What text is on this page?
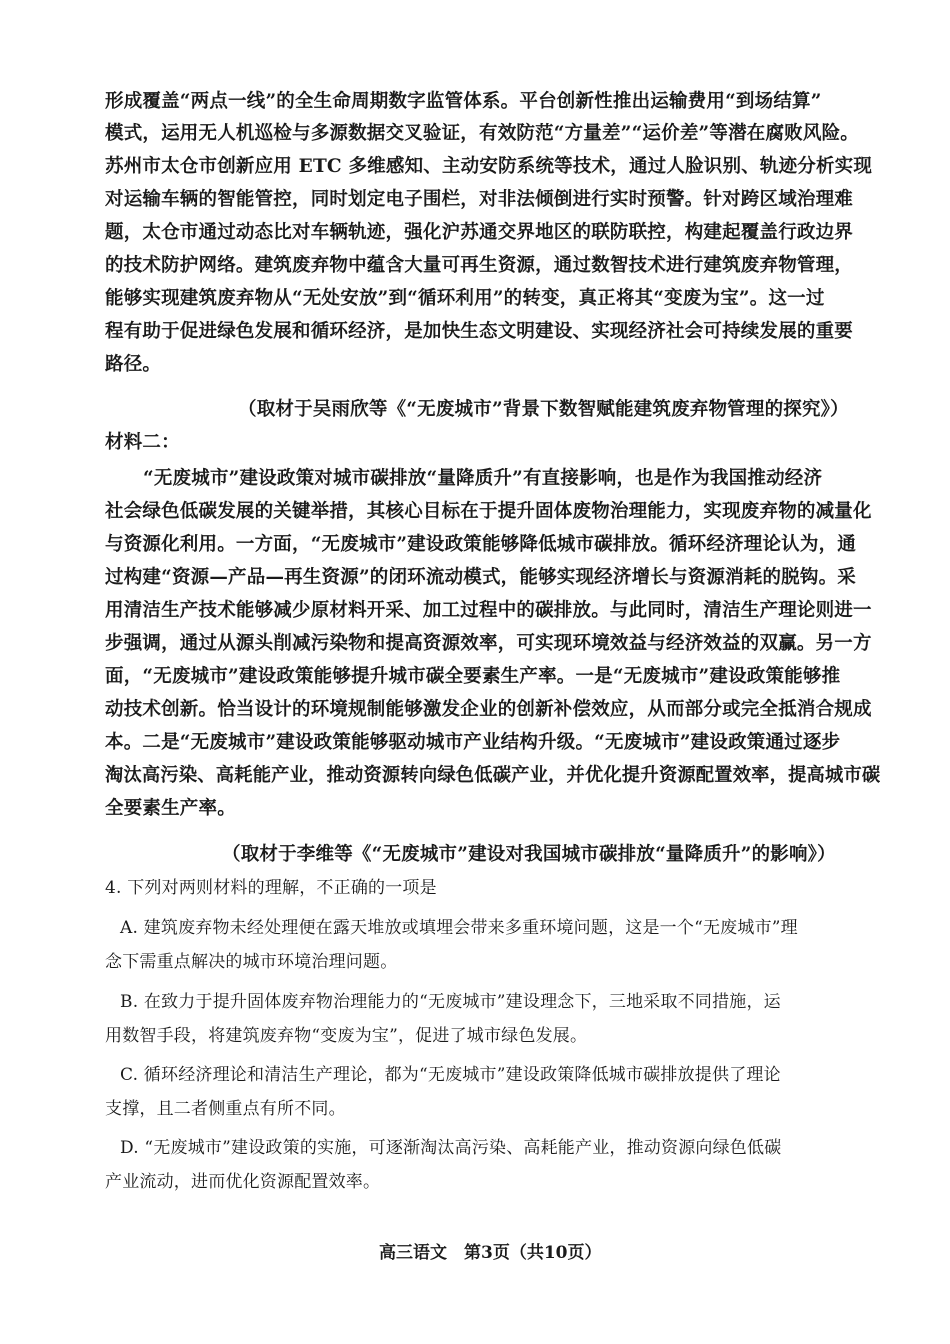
形成覆盖“两点一线”的全生命周期数字监管体系。平台创新性推出运输费用“到场结算”
模式，运用无人机巡检与多源数据交叉验证，有效防范“方量差”“运价差”等潜在腐败风险。
苏州市太仓市创新应用 ETC 多维感知、主动安防系统等技术，通过人脸识别、轨迹分析实现
对运输车辆的智能管控，同时划定电子围栏，对非法倾倒进行实时预警。针对跨区域治理难
题，太仓市通过动态比对车辆轨迹，强化沪苏通交界地区的联防联控，构建起覆盖行政边界
的技术防护网络。建筑废弃物中蕴含大量可再生资源，通过数智技术进行建筑废弃物管理，
能够实现建筑废弃物从“无处安放”到“循环利用”的转变，真正将其“变废为宝”。这一过
程有助于促进绿色发展和循环经济，是加快生态文明建设、实现经济社会可持续发展的重要
路径。
（取材于吴雨欣等《“无废城市”背景下数智赋能建筑废弃物管理的探究》）
材料二：
“无废城市”建设政策对城市碳排放“量降质升”有直接影响，也是作为我国推动经济
社会绿色低碳发展的关键举措，其核心目标在于提升固体废物治理能力，实现废弃物的减量化
与资源化利用。一方面，“无废城市”建设政策能够降低城市碳排放。循环经济理论认为，通
过构建“资源—产品—再生资源”的闭环流动模式，能够实现经济增长与资源消耗的脱钩。采
用清洁生产技术能够减少原材料开采、加工过程中的碳排放。与此同时，清洁生产理论则进一
步强调，通过从源头削减污染物和提高资源效率，可实现环境效益与经济效益的双赢。另一方
面，“无废城市”建设政策能够提升城市碳全要素生产率。一是“无废城市”建设政策能够推
动技术创新。恰当设计的环境规制能够激发企业的创新补偿效应，从而部分或完全抵消合规成
本。二是“无废城市”建设政策能够驱动城市产业结构升级。“无废城市”建设政策通过逐步
淘汰高污染、高耗能产业，推动资源转向绿色低碳产业，并优化提升资源配置效率，提高城市碳
全要素生产率。
（取材于李维等《“无废城市”建设对我国城市碳排放“量降质升”的影响》）
4. 下列对两则材料的理解，不正确的一项是
A. 建筑废弃物未经处理便在露天堆放或填埋会带来多重环境问题，这是一个“无废城市”理
念下需重点解决的城市环境治理问题。
B. 在致力于提升固体废弃物治理能力的“无废城市”建设理念下，三地采取不同措施，运
用数智手段，将建筑废弃物“变废为宝”，促进了城市绿色发展。
C. 循环经济理论和清洁生产理论，都为“无废城市”建设政策降低城市碳排放提供了理论
支撑，且二者侧重点有所不同。
D. “无废城市”建设政策的实施，可逐渐淘汰高污染、高耗能产业，推动资源向绿色低碳
产业流动，进而优化资源配置效率。
高三语文　第3页（共10页）
